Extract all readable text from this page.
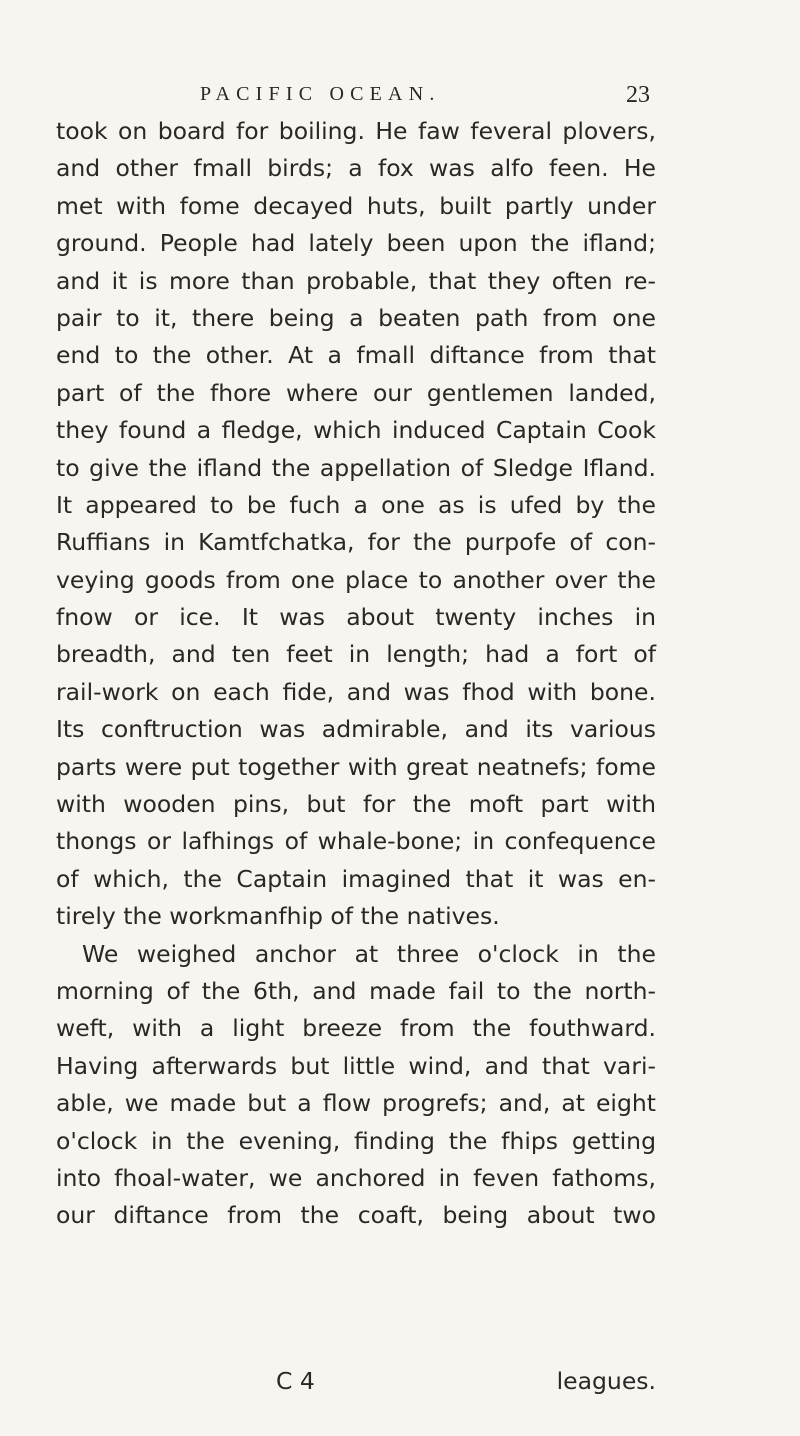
PACIFIC OCEAN.	23
took on board for boiling. He faw feveral plovers,
and other fmall birds; a fox was alfo feen. He
met with fome decayed huts, built partly under
ground. People had lately been upon the ifland;
and it is more than probable, that they often re-
pair to it, there being a beaten path from one
end to the other. At a fmall diftance from that
part of the fhore where our gentlemen landed,
they found a fledge, which induced Captain Cook
to give the ifland the appellation of Sledge Ifland.
It appeared to be fuch a one as is ufed by the
Ruffians in Kamtfchatka, for the purpofe of con-
veying goods from one place to another over the
fnow or ice. It was about twenty inches in
breadth, and ten feet in length; had a fort of
rail-work on each fide, and was fhod with bone.
Its conftruction was admirable, and its various
parts were put together with great neatnefs; fome
with wooden pins, but for the moft part with
thongs or lafhings of whale-bone; in confequence
of which, the Captain imagined that it was en-
tirely the workmanfhip of the natives.
We weighed anchor at three o'clock in the
morning of the 6th, and made fail to the north-
weft, with a light breeze from the fouthward.
Having afterwards but little wind, and that vari-
able, we made but a flow progrefs; and, at eight
o'clock in the evening, finding the fhips getting
into fhoal-water, we anchored in feven fathoms,
our diftance from the coaft, being about two
C 4	leagues.
